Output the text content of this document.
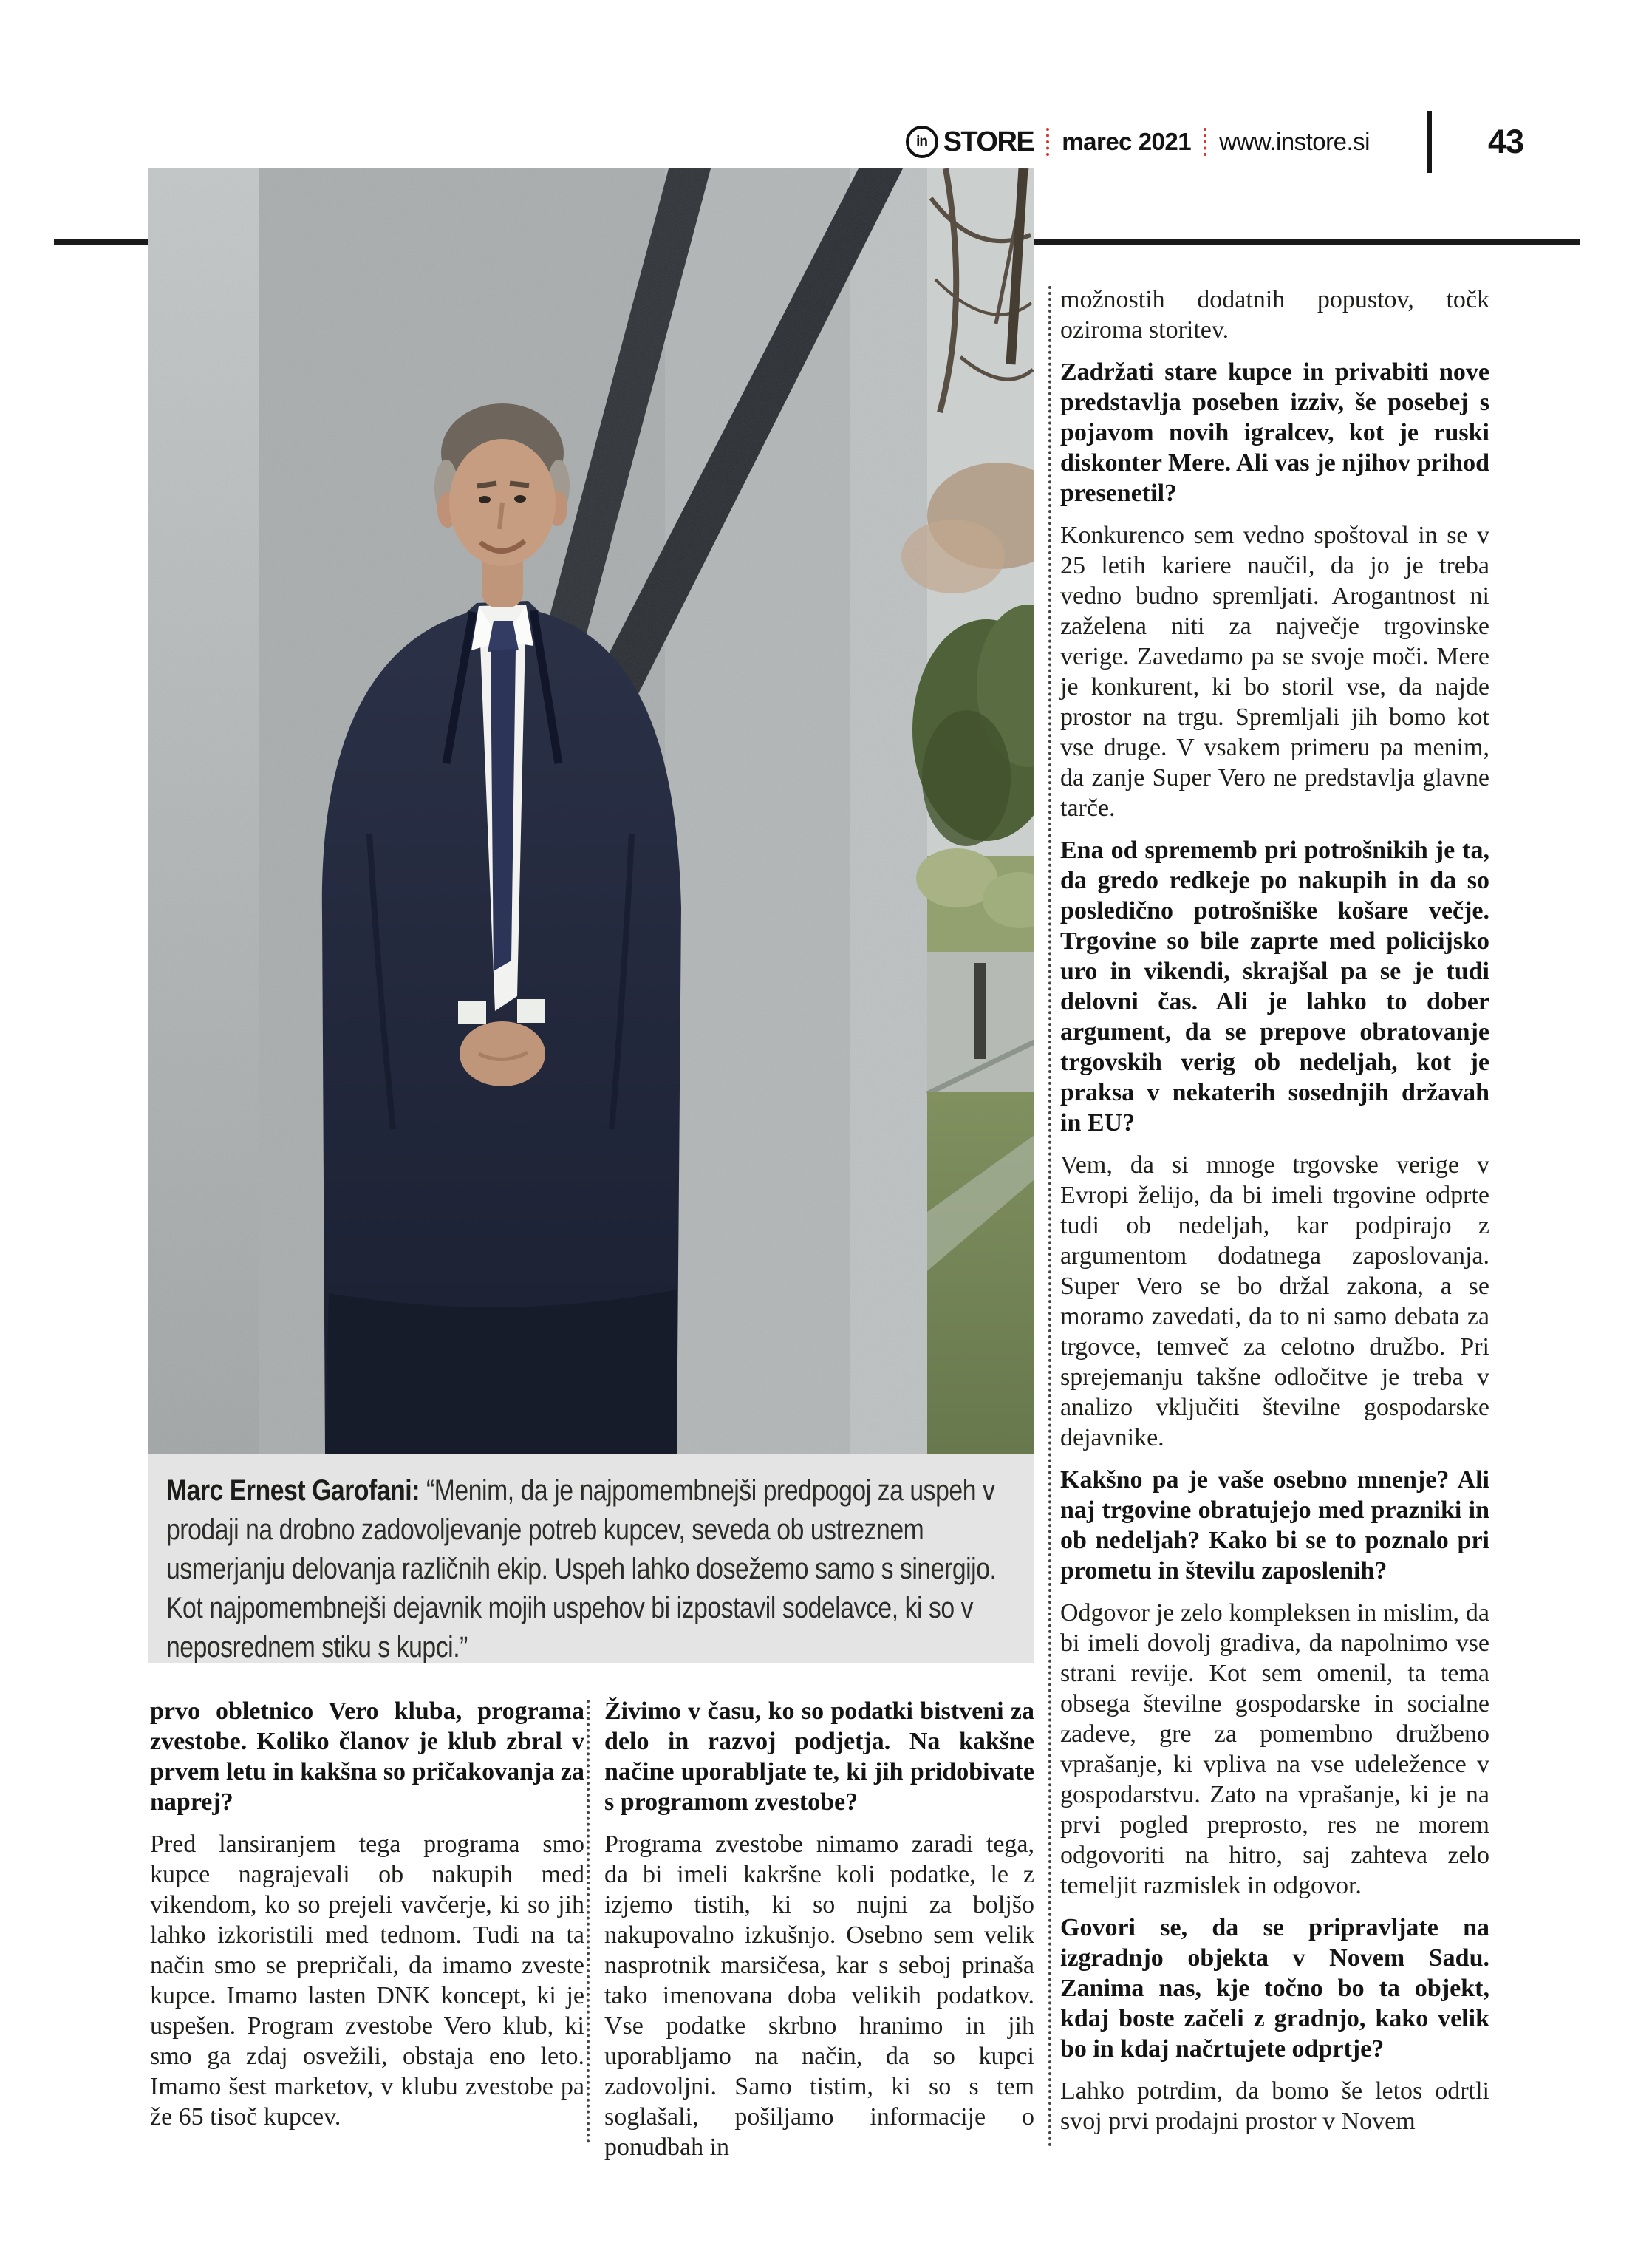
in STORE marec 2021 www.instore.si	43
Marc Ernest Garofani: “Menim, da je najpomembnejši predpogoj za uspeh v prodaji na drobno zadovoljevanje potreb kupcev, seveda ob ustreznem usmerjanju delovanja različnih ekip. Uspeh lahko dosežemo samo s sinergijo. Kot najpomembnejši dejavnik mojih uspehov bi izpostavil sodelavce, ki so v neposrednem stiku s kupci.”

prvo obletnico Vero kluba, programa zvestobe. Koliko članov je klub zbral v prvem letu in kakšna so pričakovanja za naprej?

Pred lansiranjem tega programa smo kupce nagrajevali ob nakupih med vikendom, ko so prejeli vavčerje, ki so jih lahko izkoristili med tednom. Tudi na ta način smo se prepričali, da imamo zveste kupce. Imamo lasten DNK koncept, ki je uspešen. Program zvestobe Vero klub, ki smo ga zdaj osvežili, obstaja eno leto. Imamo šest marketov, v klubu zvestobe pa že 65 tisoč kupcev.

Živimo v času, ko so podatki bistveni za delo in razvoj podjetja. Na kakšne načine uporabljate te, ki jih pridobivate s programom zvestobe?

Programa zvestobe nimamo zaradi tega, da bi imeli kakršne koli podatke, le z izjemo tistih, ki so nujni za boljšo nakupovalno izkušnjo. Osebno sem velik nasprotnik marsičesa, kar s seboj prinaša tako imenovana doba velikih podatkov. Vse podatke skrbno hranimo in jih uporabljamo na način, da so kupci zadovoljni. Samo tistim, ki so s tem soglašali, pošiljamo informacije o ponudbah in

možnostih dodatnih popustov, točk oziroma storitev.

Zadržati stare kupce in privabiti nove predstavlja poseben izziv, še posebej s pojavom novih igralcev, kot je ruski diskonter Mere. Ali vas je njihov prihod presenetil?

Konkurenco sem vedno spoštoval in se v 25 letih kariere naučil, da jo je treba vedno budno spremljati. Arogantnost ni zaželena niti za največje trgovinske verige. Zavedamo pa se svoje moči. Mere je konkurent, ki bo storil vse, da najde prostor na trgu. Spremljali jih bomo kot vse druge. V vsakem primeru pa menim, da zanje Super Vero ne predstavlja glavne tarče.

Ena od sprememb pri potrošnikih je ta, da gredo redkeje po nakupih in da so posledično potrošniške košare večje. Trgovine so bile zaprte med policijsko uro in vikendi, skrajšal pa se je tudi delovni čas. Ali je lahko to dober argument, da se prepove obratovanje trgovskih verig ob nedeljah, kot je praksa v nekaterih sosednjih državah in EU?

Vem, da si mnoge trgovske verige v Evropi želijo, da bi imeli trgovine odprte tudi ob nedeljah, kar podpirajo z argumentom dodatnega zaposlovanja. Super Vero se bo držal zakona, a se moramo zavedati, da to ni samo debata za trgovce, temveč za celotno družbo. Pri sprejemanju takšne odločitve je treba v analizo vključiti številne gospodarske dejavnike.

Kakšno pa je vaše osebno mnenje? Ali naj trgovine obratujejo med prazniki in ob nedeljah? Kako bi se to poznalo pri prometu in številu zaposlenih?

Odgovor je zelo kompleksen in mislim, da bi imeli dovolj gradiva, da napolnimo vse strani revije. Kot sem omenil, ta tema obsega številne gospodarske in socialne zadeve, gre za pomembno družbeno vprašanje, ki vpliva na vse udeležence v gospodarstvu. Zato na vprašanje, ki je na prvi pogled preprosto, res ne morem odgovoriti na hitro, saj zahteva zelo temeljit razmislek in odgovor.

Govori se, da se pripravljate na izgradnjo objekta v Novem Sadu. Zanima nas, kje točno bo ta objekt, kdaj boste začeli z gradnjo, kako velik bo in kdaj načrtujete odprtje?

Lahko potrdim, da bomo še letos odrtli svoj prvi prodajni prostor v Novem
